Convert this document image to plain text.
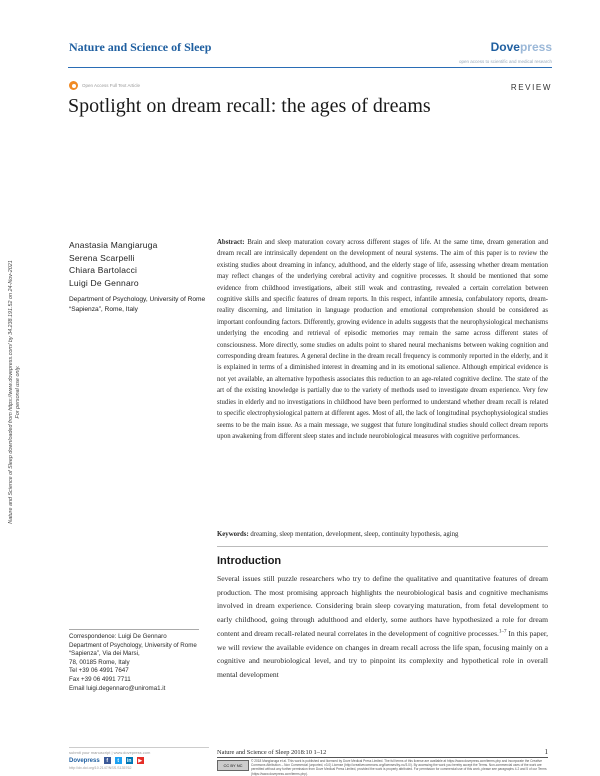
Nature and Science of Sleep	Dovepress
open access to scientific and medical research
Open Access Full Text Article	REVIEW
Spotlight on dream recall: the ages of dreams
Nature and Science of Sleep downloaded from https://www.dovepress.com/ by 34.238.191.52 on 24-Nov-2021 For personal use only.
Anastasia Mangiaruga
Serena Scarpelli
Chiara Bartolacci
Luigi De Gennaro
Department of Psychology, University of Rome “Sapienza”, Rome, Italy
Abstract: Brain and sleep maturation covary across different stages of life. At the same time, dream generation and dream recall are intrinsically dependent on the development of neural systems. The aim of this paper is to review the existing studies about dreaming in infancy, adulthood, and the elderly stage of life, assessing whether dream mentation may reflect changes of the underlying cerebral activity and cognitive processes. It should be mentioned that some evidence from childhood investigations, albeit still weak and contrasting, revealed a certain correlation between cognitive skills and specific features of dream reports. In this respect, infantile amnesia, confabulatory reports, dream-reality discerning, and limitation in language production and emotional comprehension should be considered as important confounding factors. Differently, growing evidence in adults suggests that the neurophysiological mechanisms underlying the encoding and retrieval of episodic memories may remain the same across different states of consciousness. More directly, some studies on adults point to shared neural mechanisms between waking cognition and corresponding dream features. A general decline in the dream recall frequency is commonly reported in the elderly, and it is explained in terms of a diminished interest in dreaming and in its emotional salience. Although empirical evidence is not yet available, an alternative hypothesis associates this reduction to an age-related cognitive decline. The state of the art of the existing knowledge is partially due to the variety of methods used to investigate dream experience. Very few studies in elderly and no investigations in childhood have been performed to understand whether dream recall is related to specific electrophysiological pattern at different ages. Most of all, the lack of longitudinal psychophysiological studies seems to be the main issue. As a main message, we suggest that future longitudinal studies should collect dream reports upon awakening from different sleep states and include neurobiological measures with cognitive performances.
Keywords: dreaming, sleep mentation, development, sleep, continuity hypothesis, aging
Introduction
Several issues still puzzle researchers who try to define the qualitative and quantitative features of dream production. The most promising approach highlights the neurobiological basis and cognitive mechanisms involved in dream experience. Considering brain sleep covarying maturation, from fetal development to early childhood, going through adulthood and elderly, some authors have hypothesized a role for dream content and dream recall-related neural correlates in the development of cognitive processes.$^{1-7}$ In this paper, we will review the available evidence on changes in dream recall across the life span, focusing mainly on a cognitive and neurobiological level, and try to pinpoint its complexity and hypothetical role in overall mental development
Correspondence: Luigi De Gennaro
Department of Psychology, University of Rome “Sapienza”, Via dei Marsi,
78, 00185 Rome, Italy
Tel +39 06 4991 7647
Fax +39 06 4991 7711
Email luigi.degennaro@uniroma1.it
submit your manuscript | www.dovepress.com
Dovepress	f	t	in	▶
http://dx.doi.org/10.2147/NSS.S135762
Nature and Science of Sleep 2018:10 1–12	1
CC BY NC
© 2018 Mangiaruga et al. This work is published and licensed by Dove Medical Press Limited. The full terms of this license are available at https://www.dovepress.com/terms.php and incorporate the Creative Commons Attribution – Non Commercial (unported, v3.0) License (http://creativecommons.org/licenses/by-nc/3.0/). By accessing the work you hereby accept the Terms. Non-commercial uses of the work are permitted without any further permission from Dove Medical Press Limited, provided the work is properly attributed. For permission for commercial use of this work, please see paragraphs 4.2 and 5 of our Terms (https://www.dovepress.com/terms.php).
